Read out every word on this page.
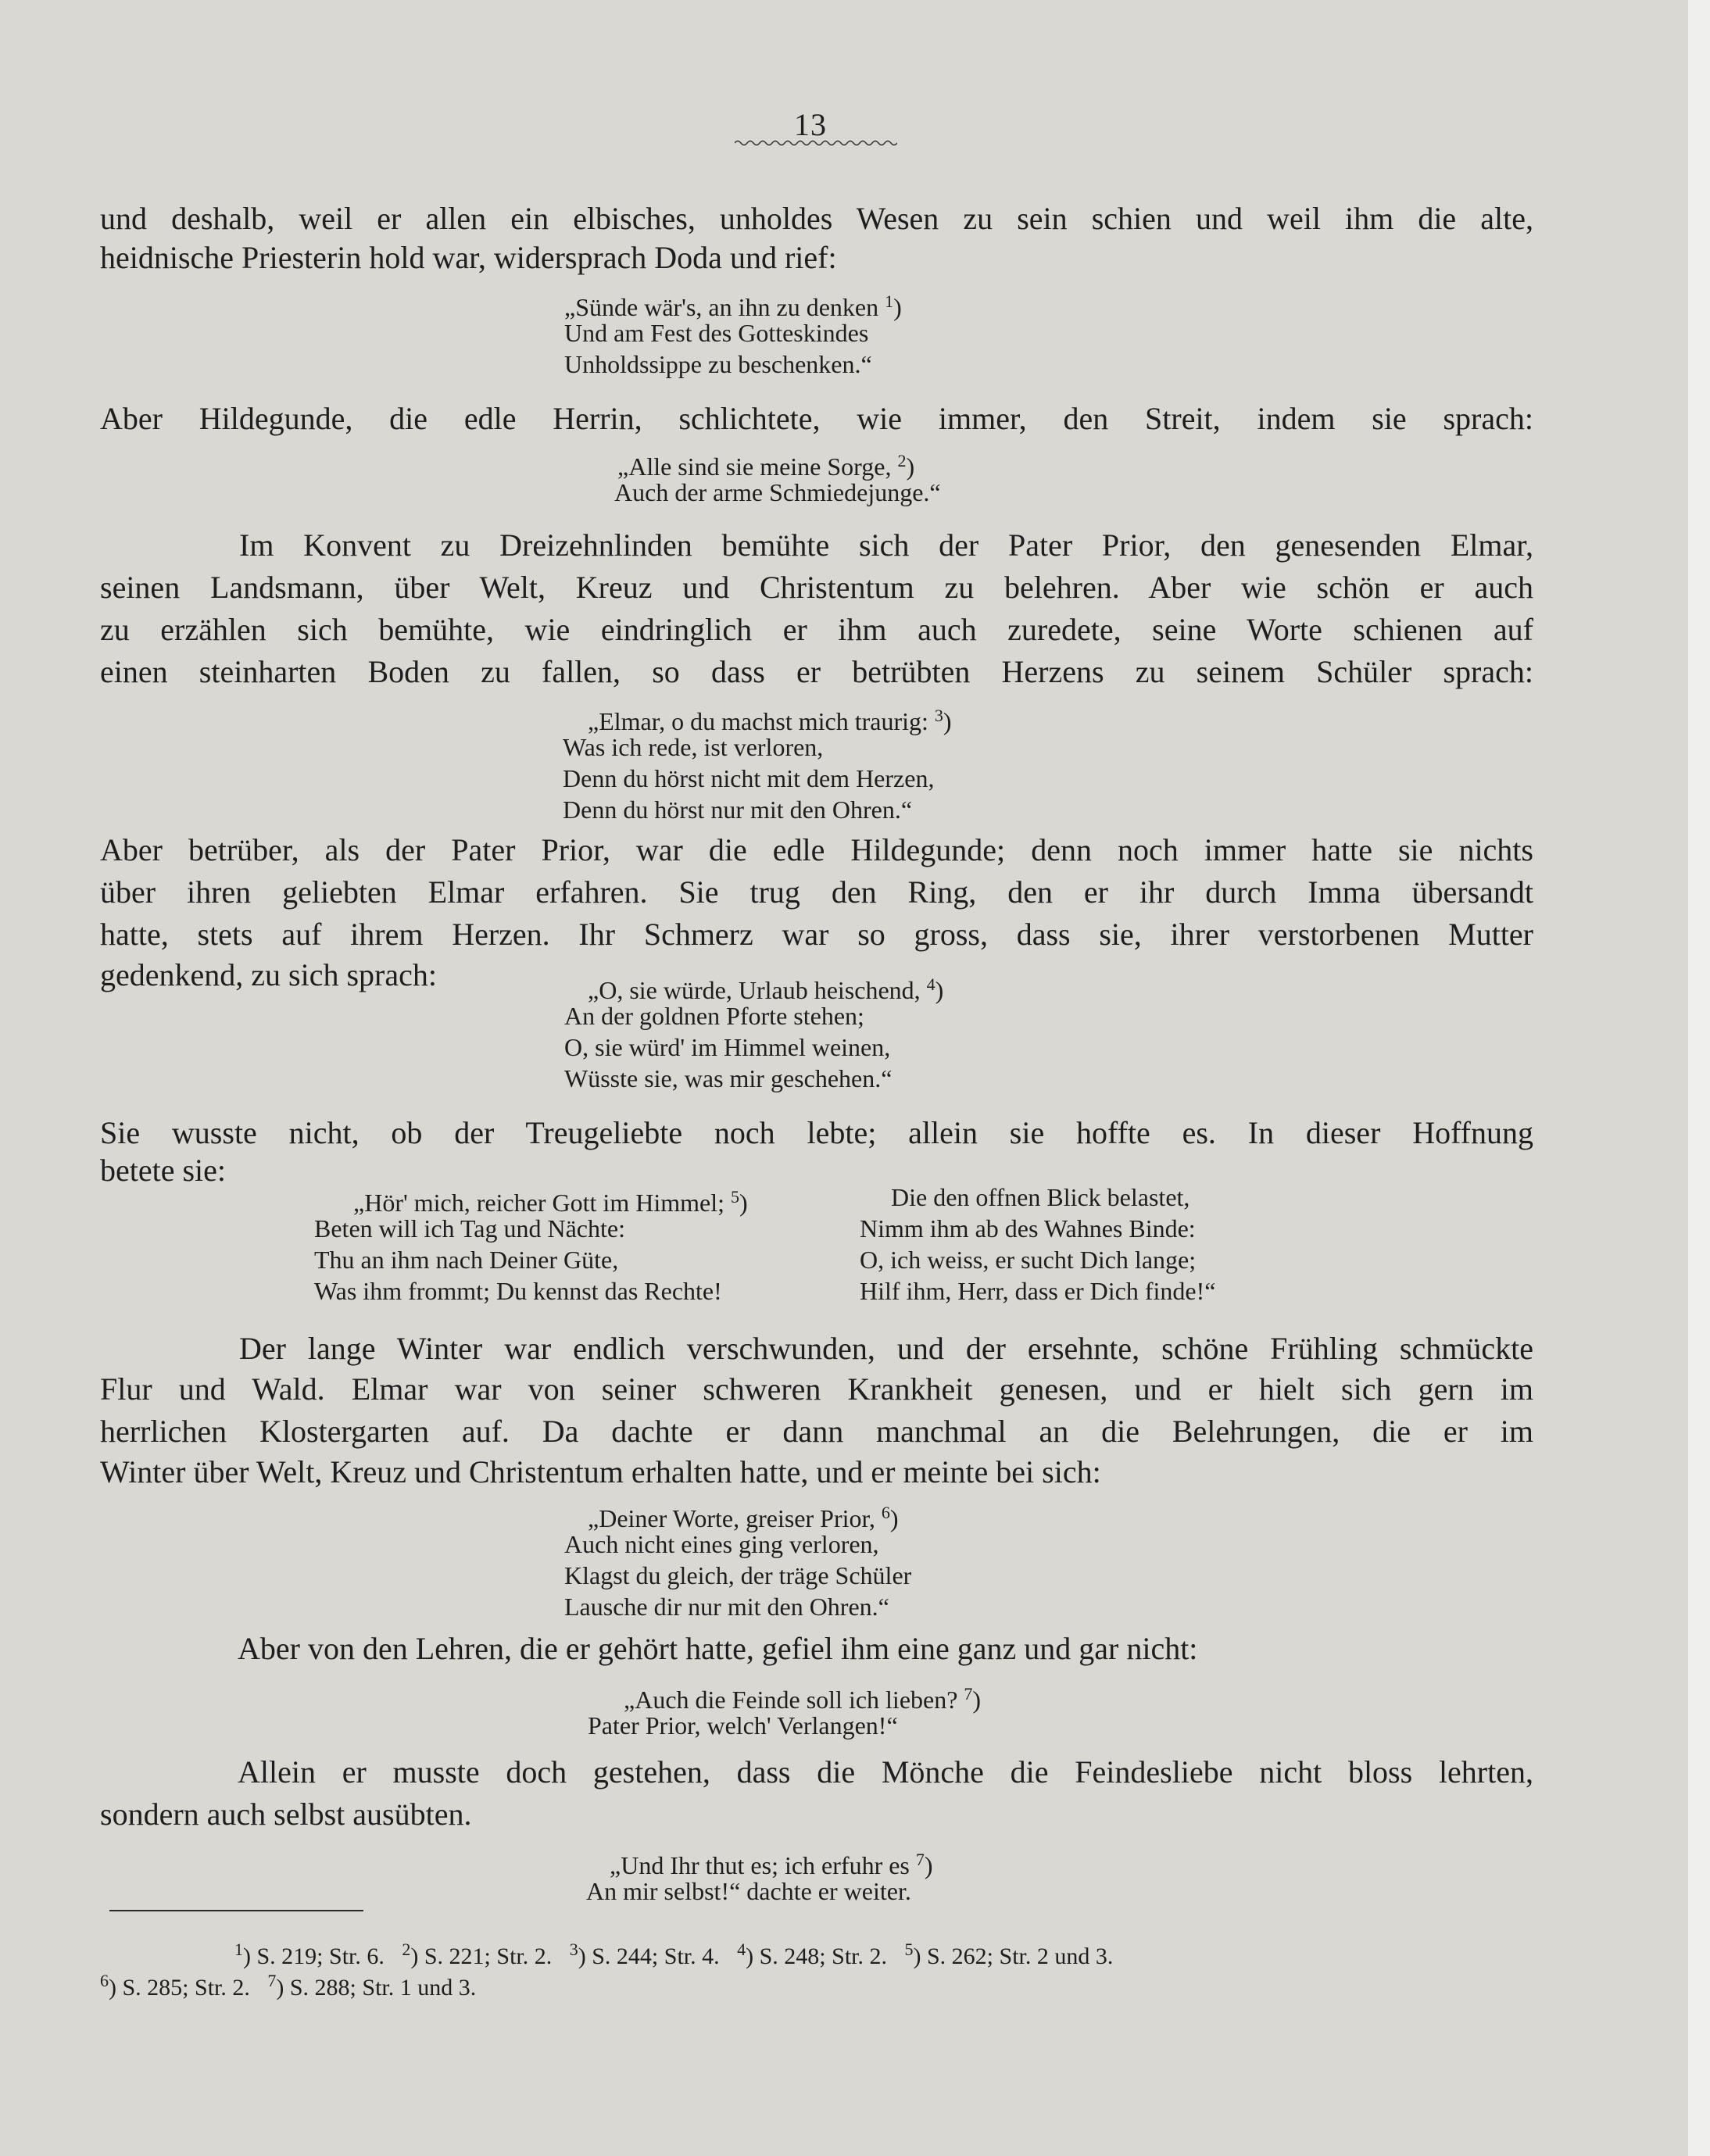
13
und deshalb, weil er allen ein elbisches, unholdes Wesen zu sein schien und weil ihm die alte,
heidnische Priesterin hold war, widersprach Doda und rief:
„Sünde wär's, an ihn zu denken $^1$)
Und am Fest des Gotteskindes
Unholdssippe zu beschenken.“
Aber Hildegunde, die edle Herrin, schlichtete, wie immer, den Streit, indem sie sprach:
„Alle sind sie meine Sorge, $^2$)
Auch der arme Schmiedejunge.“
Im Konvent zu Dreizehnlinden bemühte sich der Pater Prior, den genesenden Elmar,
seinen Landsmann, über Welt, Kreuz und Christentum zu belehren. Aber wie schön er auch
zu erzählen sich bemühte, wie eindringlich er ihm auch zuredete, seine Worte schienen auf
einen steinharten Boden zu fallen, so dass er betrübten Herzens zu seinem Schüler sprach:
„Elmar, o du machst mich traurig: $^3$)
Was ich rede, ist verloren,
Denn du hörst nicht mit dem Herzen,
Denn du hörst nur mit den Ohren.“
Aber betrüber, als der Pater Prior, war die edle Hildegunde; denn noch immer hatte sie nichts
über ihren geliebten Elmar erfahren. Sie trug den Ring, den er ihr durch Imma übersandt
hatte, stets auf ihrem Herzen. Ihr Schmerz war so gross, dass sie, ihrer verstorbenen Mutter
gedenkend, zu sich sprach:	„O, sie würde, Urlaub heischend, $^4$)
An der goldnen Pforte stehen;
O, sie würd' im Himmel weinen,
Wüsste sie, was mir geschehen.“
Sie wusste nicht, ob der Treugeliebte noch lebte; allein sie hoffte es. In dieser Hoffnung
betete sie:
„Hör' mich, reicher Gott im Himmel; $^5$)
Beten will ich Tag und Nächte:
Thu an ihm nach Deiner Güte,
Was ihm frommt; Du kennst das Rechte!
Die den offnen Blick belastet,
Nimm ihm ab des Wahnes Binde:
O, ich weiss, er sucht Dich lange;
Hilf ihm, Herr, dass er Dich finde!“
Der lange Winter war endlich verschwunden, und der ersehnte, schöne Frühling schmückte
Flur und Wald. Elmar war von seiner schweren Krankheit genesen, und er hielt sich gern im
herrlichen Klostergarten auf. Da dachte er dann manchmal an die Belehrungen, die er im
Winter über Welt, Kreuz und Christentum erhalten hatte, und er meinte bei sich:
„Deiner Worte, greiser Prior, $^6$)
Auch nicht eines ging verloren,
Klagst du gleich, der träge Schüler
Lausche dir nur mit den Ohren.“
Aber von den Lehren, die er gehört hatte, gefiel ihm eine ganz und gar nicht:
„Auch die Feinde soll ich lieben? $^7$)
Pater Prior, welch' Verlangen!“
Allein er musste doch gestehen, dass die Mönche die Feindesliebe nicht bloss lehrten,
sondern auch selbst ausübten.
„Und Ihr thut es; ich erfuhr es $^7$)
An mir selbst!“ dachte er weiter.
$^1$) S. 219; Str. 6. $^2$) S. 221; Str. 2. $^3$) S. 244; Str. 4. $^4$) S. 248; Str. 2. $^5$) S. 262; Str. 2 und 3.
$^6$) S. 285; Str. 2. $^7$) S. 288; Str. 1 und 3.
